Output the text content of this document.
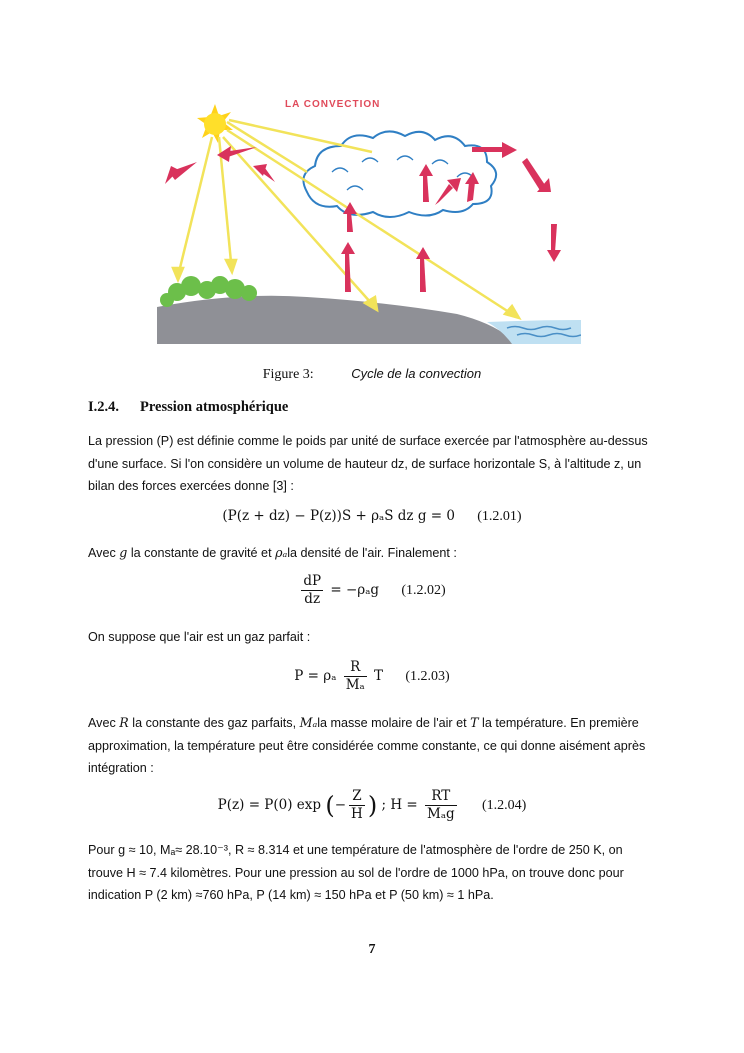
LA CONVECTION
Figure 3:	Cycle de la convection
I.2.4. Pression atmosphérique
La pression (P) est définie comme le poids par unité de surface exercée par l'atmosphère au-dessus d'une surface. Si l'on considère un volume de hauteur dz, de surface horizontale S, à l'altitude z, un bilan des forces exercées donne [3] :
(P(z + dz) − P(z))S + ρₐS dz g = 0 (1.2.01)
Avec g la constante de gravité et ρₐla densité de l'air. Finalement :
$\frac{dP}{dz} = -\rho_ag$ (1.2.02)
On suppose que l'air est un gaz parfait :
P = ρₐ $\frac{R}{\text{Mₐ}}$ T (1.2.03)
Avec R la constante des gaz parfaits, Mₐla masse molaire de l'air et T la température. En première approximation, la température peut être considérée comme constante, ce qui donne aisément après intégration :
P(z) = P(0) exp (− $\frac{Z}{H}$ ) ; $H = \frac{RT}{\text{Mₐg}} (1.2.04)$
Pour g ≈ 10, Mₐ≈ 28.10⁻³, R ≈ 8.314 et une température de l'atmosphère de l'ordre de 250 K, on trouve H ≈ 7.4 kilomètres. Pour une pression au sol de l'ordre de 1000 hPa, on trouve donc pour indication P (2 km) ≈760 hPa, P (14 km) ≈ 150 hPa et P (50 km) ≈ 1 hPa.
7
